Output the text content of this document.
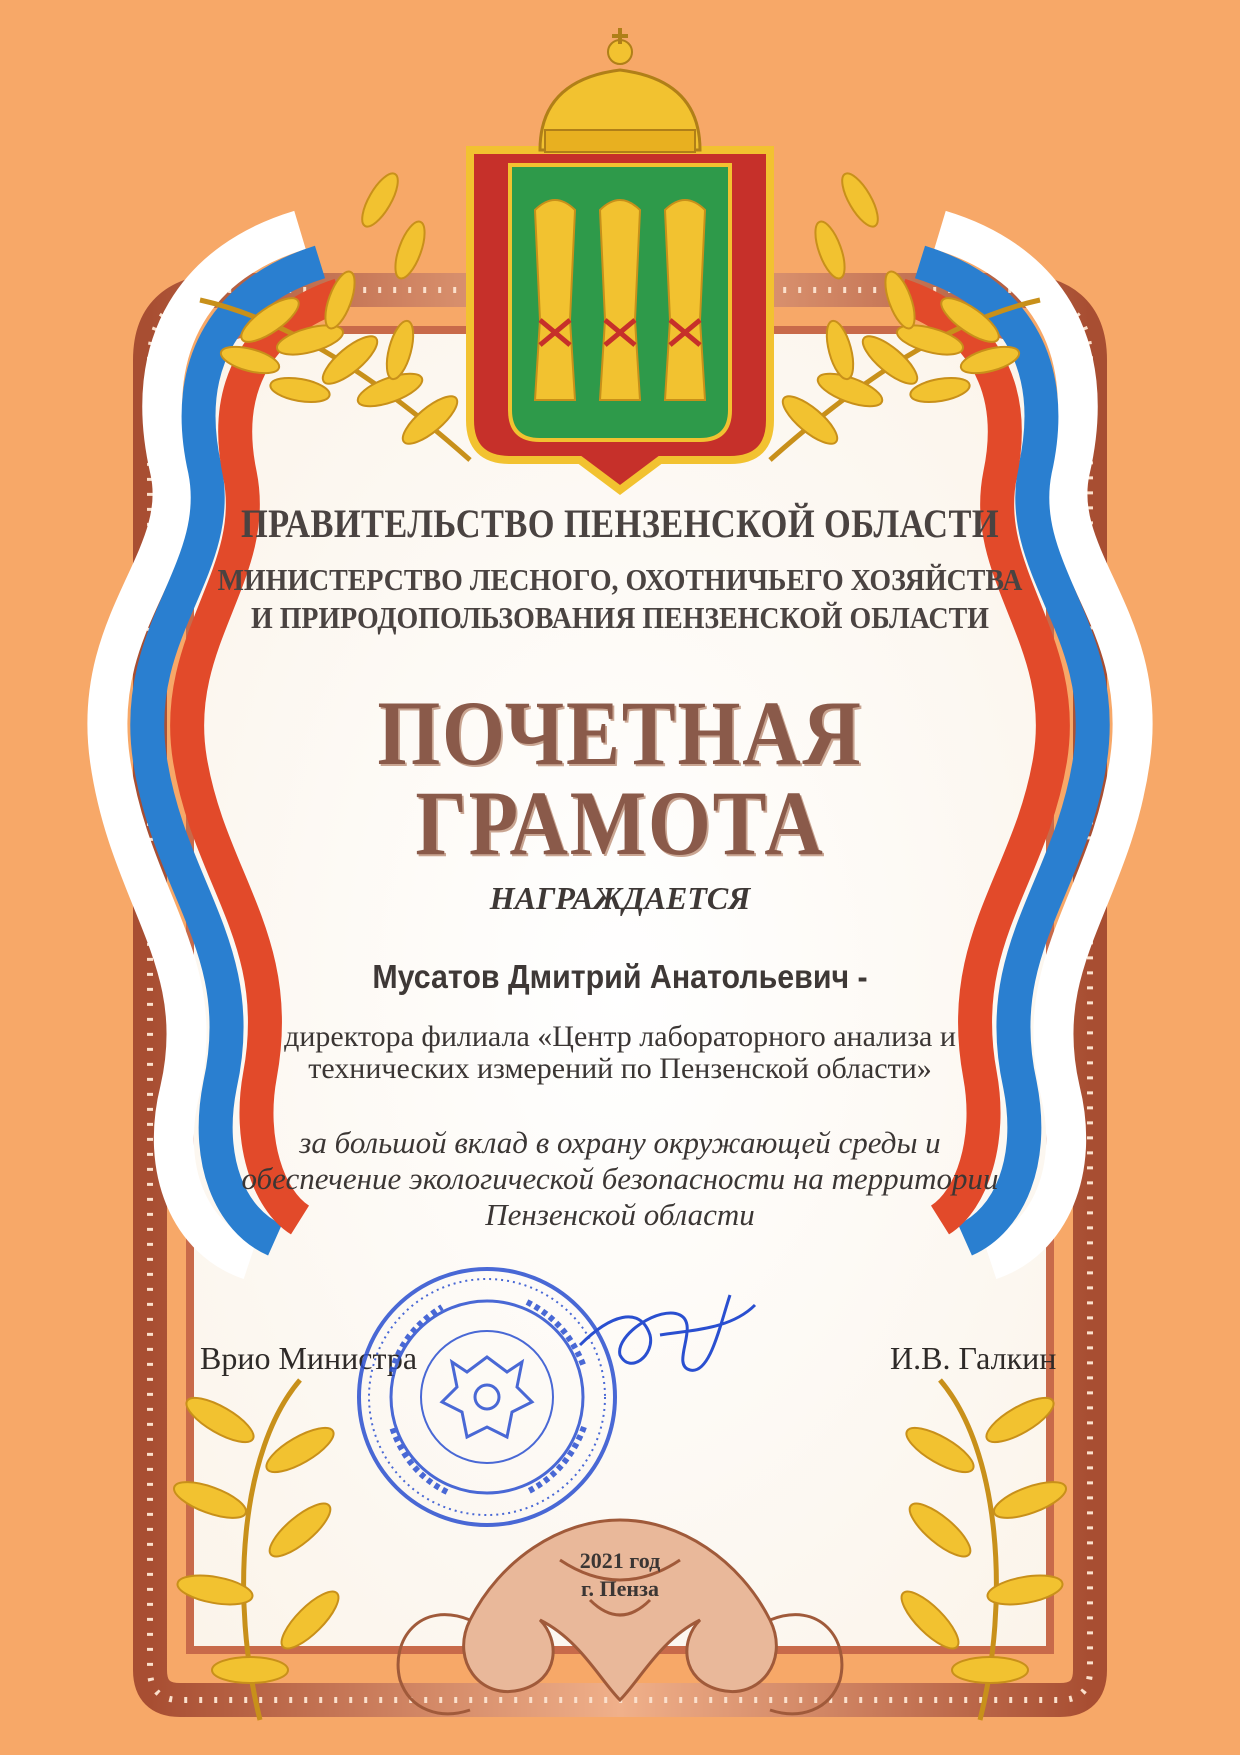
ПРАВИТЕЛЬСТВО ПЕНЗЕНСКОЙ ОБЛАСТИ
МИНИСТЕРСТВО ЛЕСНОГО, ОХОТНИЧЬЕГО ХОЗЯЙСТВА
И ПРИРОДОПОЛЬЗОВАНИЯ ПЕНЗЕНСКОЙ ОБЛАСТИ
ПОЧЕТНАЯ
ГРАМОТА
НАГРАЖДАЕТСЯ
Мусатов Дмитрий Анатольевич -
директора филиала «Центр лабораторного анализа и
технических измерений по Пензенской области»
за большой вклад в охрану окружающей среды и
обеспечение экологической безопасности на территории
Пензенской области
Врио Министра	И.В. Галкин
2021 год
г. Пенза
